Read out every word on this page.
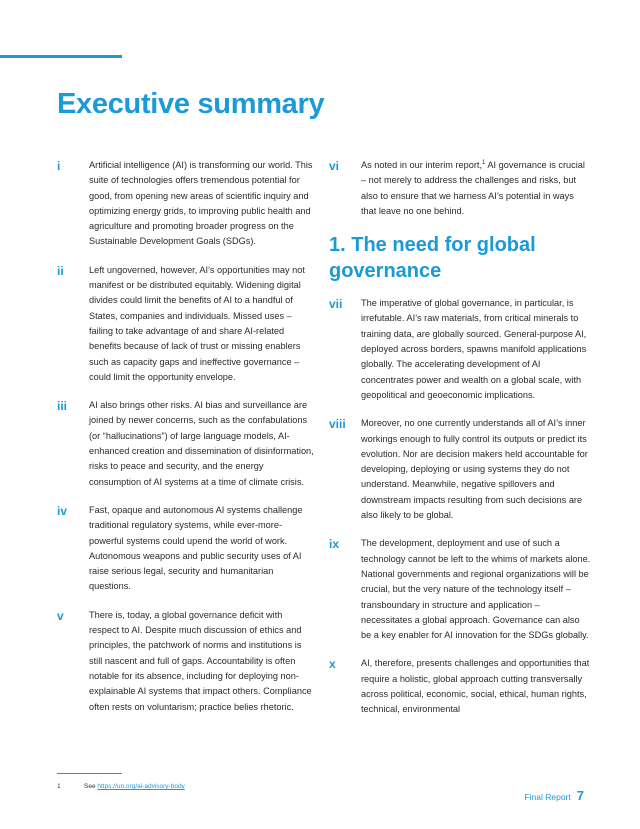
Executive summary
i	Artificial intelligence (AI) is transforming our world. This suite of technologies offers tremendous potential for good, from opening new areas of scientific inquiry and optimizing energy grids, to improving public health and agriculture and promoting broader progress on the Sustainable Development Goals (SDGs).
ii	Left ungoverned, however, AI’s opportunities may not manifest or be distributed equitably. Widening digital divides could limit the benefits of AI to a handful of States, companies and individuals. Missed uses – failing to take advantage of and share AI-related benefits because of lack of trust or missing enablers such as capacity gaps and ineffective governance – could limit the opportunity envelope.
iii AI also brings other risks. AI bias and surveillance are joined by newer concerns, such as the confabulations (or “hallucinations”) of large language models, AI-enhanced creation and dissemination of disinformation, risks to peace and security, and the energy consumption of AI systems at a time of climate crisis.
iv Fast, opaque and autonomous AI systems challenge traditional regulatory systems, while ever-more-powerful systems could upend the world of work. Autonomous weapons and public security uses of AI raise serious legal, security and humanitarian questions.
v	There is, today, a global governance deficit with respect to AI. Despite much discussion of ethics and principles, the patchwork of norms and institutions is still nascent and full of gaps. Accountability is often notable for its absence, including for deploying non-explainable AI systems that impact others. Compliance often rests on voluntarism; practice belies rhetoric.
vi As noted in our interim report,$^1$ AI governance is crucial – not merely to address the challenges and risks, but also to ensure that we harness AI’s potential in ways that leave no one behind.
1. The need for global governance
vii The imperative of global governance, in particular, is irrefutable. AI’s raw materials, from critical minerals to training data, are globally sourced. General-purpose AI, deployed across borders, spawns manifold applications globally. The accelerating development of AI concentrates power and wealth on a global scale, with geopolitical and geoeconomic implications.
viii Moreover, no one currently understands all of AI’s inner workings enough to fully control its outputs or predict its evolution. Nor are decision makers held accountable for developing, deploying or using systems they do not understand. Meanwhile, negative spillovers and downstream impacts resulting from such decisions are also likely to be global.
ix The development, deployment and use of such a technology cannot be left to the whims of markets alone. National governments and regional organizations will be crucial, but the very nature of the technology itself – transboundary in structure and application – necessitates a global approach. Governance can also be a key enabler for AI innovation for the SDGs globally.
x	AI, therefore, presents challenges and opportunities that require a holistic, global approach cutting transversally across political, economic, social, ethical, human rights, technical, environmental
1	See https://un.org/ai-advisory-body
Final Report 7
